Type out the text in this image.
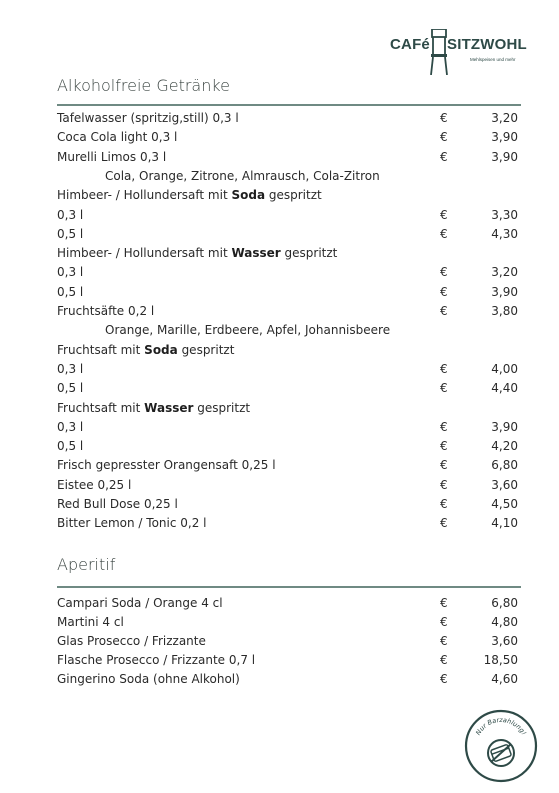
CAFé SITZWOHL
Mehlspeisen und mehr
Alkoholfreie Getränke
Tafelwasser (spritzig,still) 0,3 l	€	3,20
Coca Cola light 0,3 l	€	3,90
Murelli Limos 0,3 l	€	3,90
Cola, Orange, Zitrone, Almrausch, Cola-Zitron
Himbeer- / Hollundersaft mit Soda gespritzt
0,3 l	€	3,30
0,5 l	€	4,30
Himbeer- / Hollundersaft mit Wasser gespritzt
0,3 l	€	3,20
0,5 l	€	3,90
Fruchtsäfte 0,2 l	€	3,80
Orange, Marille, Erdbeere, Apfel, Johannisbeere
Fruchtsaft mit Soda gespritzt
0,3 l	€	4,00
0,5 l	€	4,40
Fruchtsaft mit Wasser gespritzt
0,3 l	€	3,90
0,5 l	€	4,20
Frisch gepresster Orangensaft 0,25 l	€	6,80
Eistee 0,25 l	€	3,60
Red Bull Dose 0,25 l	€	4,50
Bitter Lemon / Tonic 0,2 l	€	4,10
Aperitif
Campari Soda / Orange 4 cl	€	6,80
Martini 4 cl	€	4,80
Glas Prosecco / Frizzante	€	3,60
Flasche Prosecco / Frizzante 0,7 l	€	18,50
Gingerino Soda (ohne Alkohol)	€	4,60
Nur Barzahlung!
